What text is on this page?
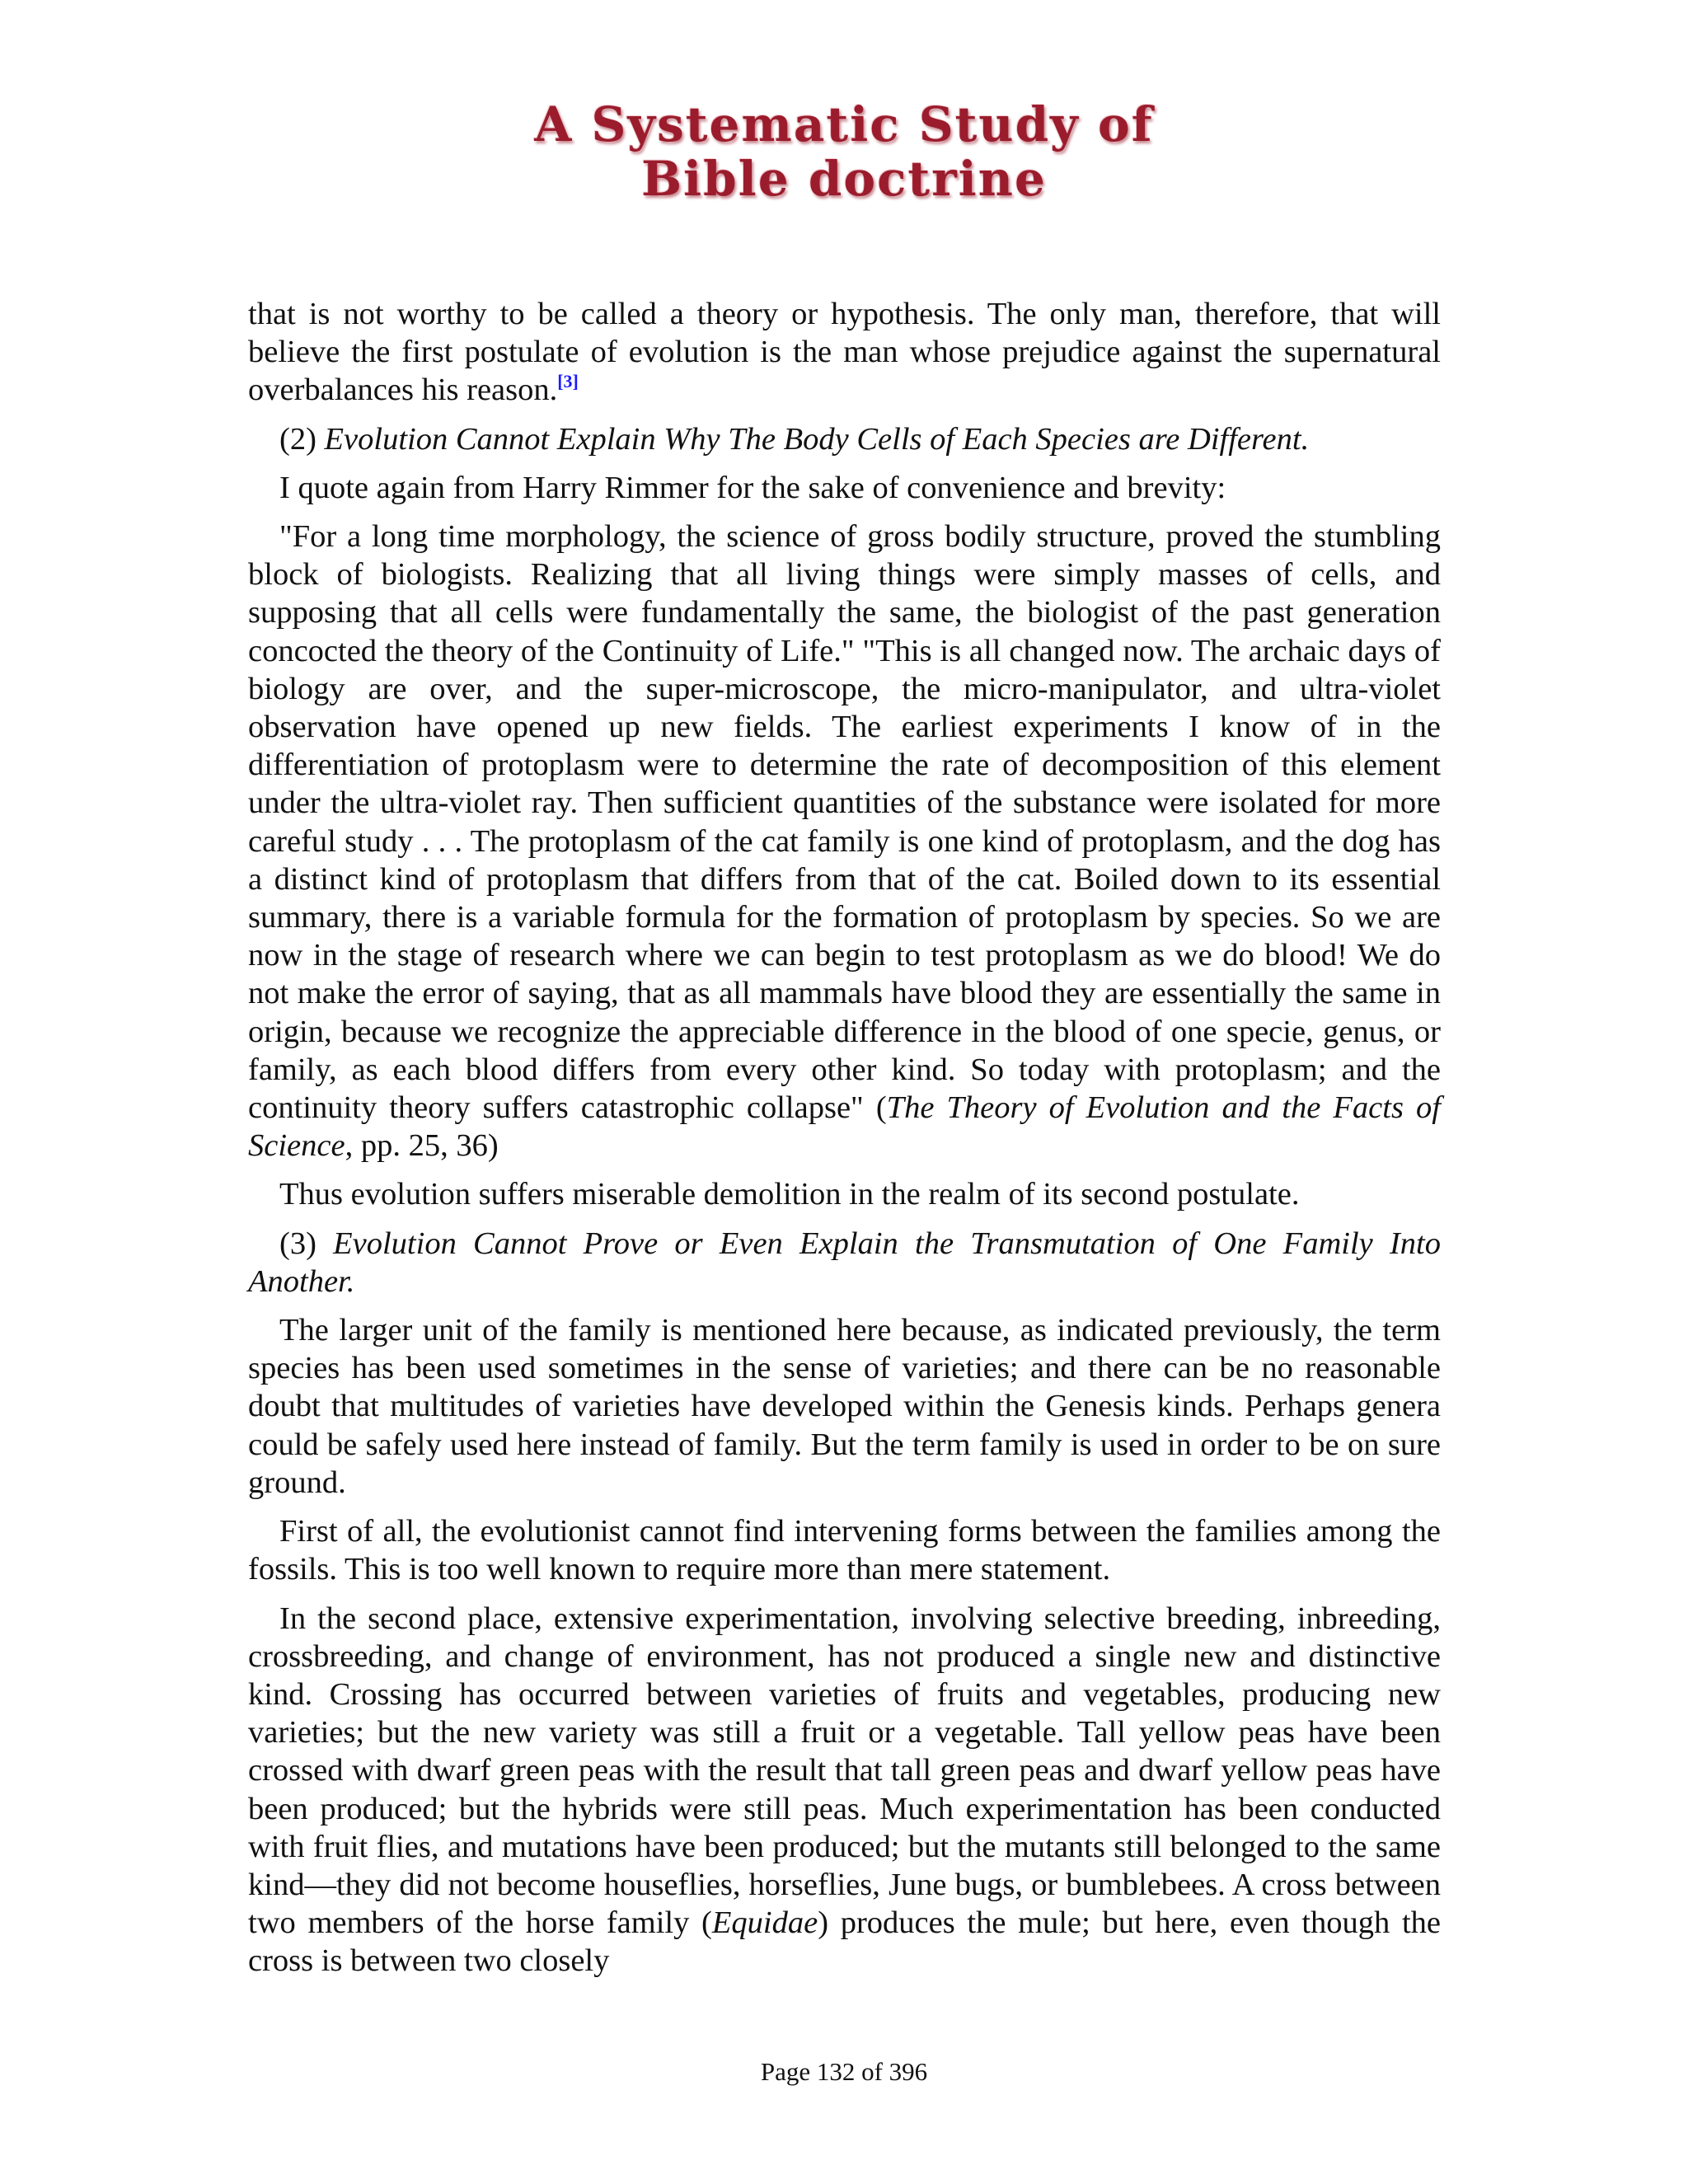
A Systematic Study of
Bible doctrine

that is not worthy to be called a theory or hypothesis. The only man, therefore, that will believe the first postulate of evolution is the man whose prejudice against the supernatural overbalances his reason.[3]

(2) Evolution Cannot Explain Why The Body Cells of Each Species are Different.

I quote again from Harry Rimmer for the sake of convenience and brevity:

"For a long time morphology, the science of gross bodily structure, proved the stumbling block of biologists. Realizing that all living things were simply masses of cells, and supposing that all cells were fundamentally the same, the biologist of the past generation concocted the theory of the Continuity of Life." "This is all changed now. The archaic days of biology are over, and the super-microscope, the micro-manipulator, and ultra-violet observation have opened up new fields. The earliest experiments I know of in the differentiation of protoplasm were to determine the rate of decomposition of this element under the ultra-violet ray. Then sufficient quantities of the substance were isolated for more careful study . . . The protoplasm of the cat family is one kind of protoplasm, and the dog has a distinct kind of protoplasm that differs from that of the cat. Boiled down to its essential summary, there is a variable formula for the formation of protoplasm by species. So we are now in the stage of research where we can begin to test protoplasm as we do blood! We do not make the error of saying, that as all mammals have blood they are essentially the same in origin, because we recognize the appreciable difference in the blood of one specie, genus, or family, as each blood differs from every other kind. So today with protoplasm; and the continuity theory suffers catastrophic collapse" (The Theory of Evolution and the Facts of Science, pp. 25, 36)

Thus evolution suffers miserable demolition in the realm of its second postulate.

(3) Evolution Cannot Prove or Even Explain the Transmutation of One Family Into Another.

The larger unit of the family is mentioned here because, as indicated previously, the term species has been used sometimes in the sense of varieties; and there can be no reasonable doubt that multitudes of varieties have developed within the Genesis kinds. Perhaps genera could be safely used here instead of family. But the term family is used in order to be on sure ground.

First of all, the evolutionist cannot find intervening forms between the families among the fossils. This is too well known to require more than mere statement.

In the second place, extensive experimentation, involving selective breeding, inbreeding, crossbreeding, and change of environment, has not produced a single new and distinctive kind. Crossing has occurred between varieties of fruits and vegetables, producing new varieties; but the new variety was still a fruit or a vegetable. Tall yellow peas have been crossed with dwarf green peas with the result that tall green peas and dwarf yellow peas have been produced; but the hybrids were still peas. Much experimentation has been conducted with fruit flies, and mutations have been produced; but the mutants still belonged to the same kind—they did not become houseflies, horseflies, June bugs, or bumblebees. A cross between two members of the horse family (Equidae) produces the mule; but here, even though the cross is between two closely

Page 132 of 396
